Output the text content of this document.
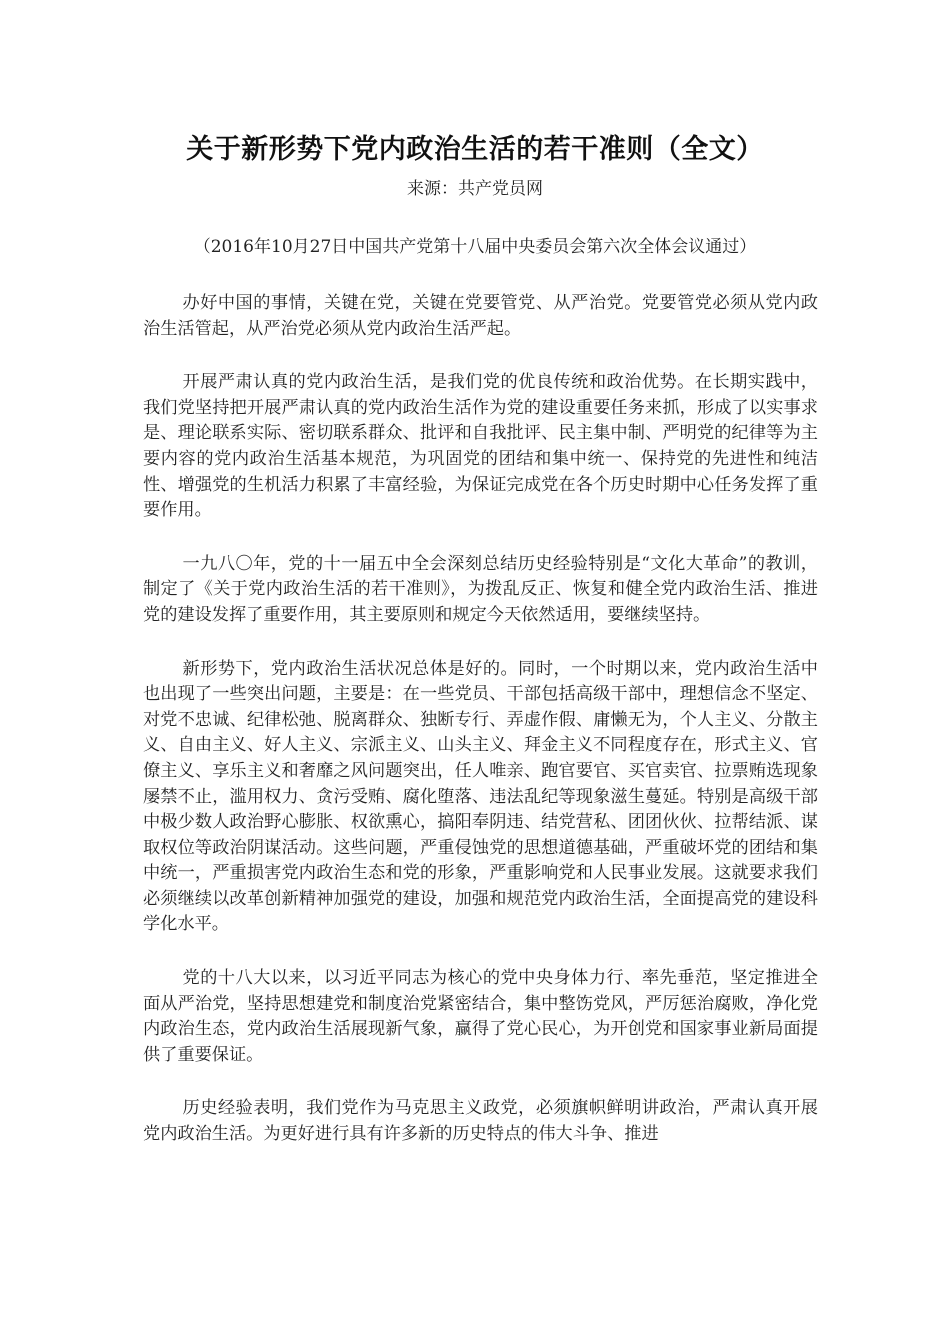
关于新形势下党内政治生活的若干准则（全文）
来源：共产党员网
（2016年10月27日中国共产党第十八届中央委员会第六次全体会议通过）

办好中国的事情，关键在党，关键在党要管党、从严治党。党要管党必须从党内政治生活管起，从严治党必须从党内政治生活严起。

开展严肃认真的党内政治生活，是我们党的优良传统和政治优势。在长期实践中，我们党坚持把开展严肃认真的党内政治生活作为党的建设重要任务来抓，形成了以实事求是、理论联系实际、密切联系群众、批评和自我批评、民主集中制、严明党的纪律等为主要内容的党内政治生活基本规范，为巩固党的团结和集中统一、保持党的先进性和纯洁性、增强党的生机活力积累了丰富经验，为保证完成党在各个历史时期中心任务发挥了重要作用。

一九八〇年，党的十一届五中全会深刻总结历史经验特别是“文化大革命”的教训，制定了《关于党内政治生活的若干准则》，为拨乱反正、恢复和健全党内政治生活、推进党的建设发挥了重要作用，其主要原则和规定今天依然适用，要继续坚持。

新形势下，党内政治生活状况总体是好的。同时，一个时期以来，党内政治生活中也出现了一些突出问题，主要是：在一些党员、干部包括高级干部中，理想信念不坚定、对党不忠诚、纪律松弛、脱离群众、独断专行、弄虚作假、庸懒无为，个人主义、分散主义、自由主义、好人主义、宗派主义、山头主义、拜金主义不同程度存在，形式主义、官僚主义、享乐主义和奢靡之风问题突出，任人唯亲、跑官要官、买官卖官、拉票贿选现象屡禁不止，滥用权力、贪污受贿、腐化堕落、违法乱纪等现象滋生蔓延。特别是高级干部中极少数人政治野心膨胀、权欲熏心，搞阳奉阴违、结党营私、团团伙伙、拉帮结派、谋取权位等政治阴谋活动。这些问题，严重侵蚀党的思想道德基础，严重破坏党的团结和集中统一，严重损害党内政治生态和党的形象，严重影响党和人民事业发展。这就要求我们必须继续以改革创新精神加强党的建设，加强和规范党内政治生活，全面提高党的建设科学化水平。

党的十八大以来，以习近平同志为核心的党中央身体力行、率先垂范，坚定推进全面从严治党，坚持思想建党和制度治党紧密结合，集中整饬党风，严厉惩治腐败，净化党内政治生态，党内政治生活展现新气象，赢得了党心民心，为开创党和国家事业新局面提供了重要保证。

历史经验表明，我们党作为马克思主义政党，必须旗帜鲜明讲政治，严肃认真开展党内政治生活。为更好进行具有许多新的历史特点的伟大斗争、推进
